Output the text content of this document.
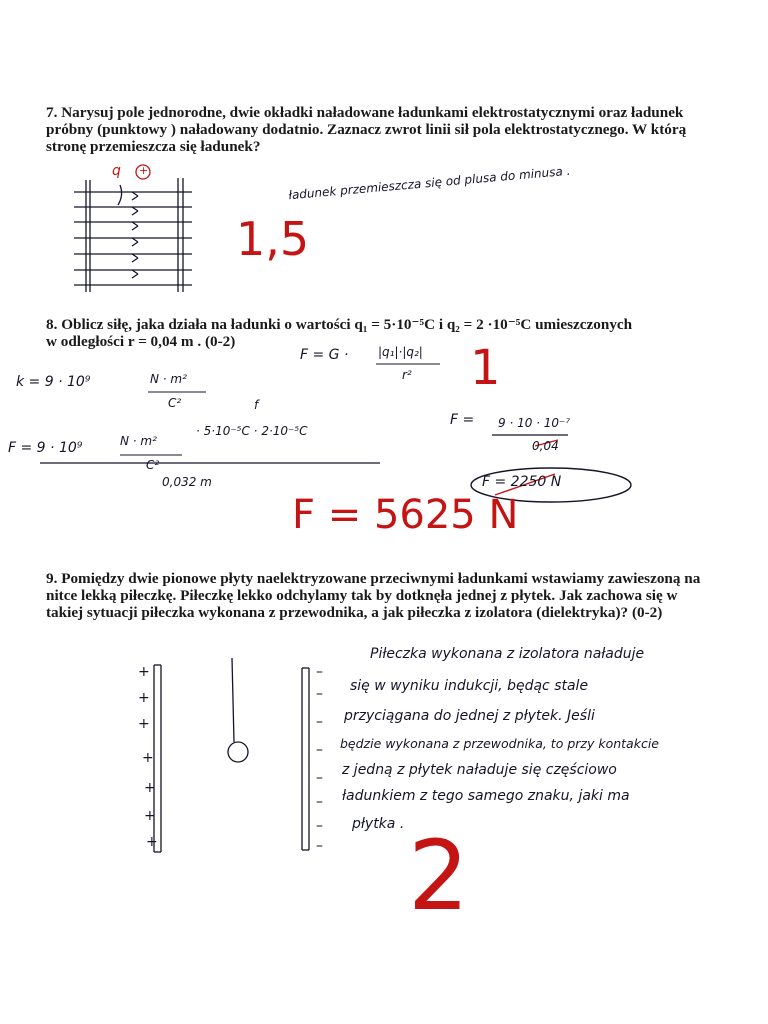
7. Narysuj pole jednorodne, dwie okładki naładowane ładunkami elektrostatycznymi oraz ładunek próbny (punktowy ) naładowany dodatnio. Zaznacz zwrot linii sił pola elektrostatycznego. W którą stronę przemieszcza się ładunek?
q +	ładunek przemieszcza się od plusa do minusa .
1,5
8. Oblicz siłę, jaka działa na ładunki o wartości q₁ = 5·10⁻⁵C i q₂ = 2 ·10⁻⁵C umieszczonych
w odległości r = 0,04 m . (0-2)
F = G · |q₁|·|q₂|
r² 1
k = 9 · 10⁹	N · m²
C²	f
F = 9 · 10⁹	N · m²
C²
· 5·10⁻⁵C · 2·10⁻⁵C
0,032 m
F = 9 · 10 · 10⁻⁷
0,04
F = 2250 N
F = 5625 N
9. Pomiędzy dwie pionowe płyty naelektryzowane przeciwnymi ładunkami wstawiamy zawieszoną na nitce lekką piłeczkę. Piłeczkę lekko odchylamy tak by dotknęła jednej z płytek. Jak zachowa się w takiej sytuacji piłeczka wykonana z przewodnika, a jak piłeczka z izolatora (dielektryka)? (0-2)
+
+
+
+
+
+
+
–
–
–
–
–
–
–
–
Piłeczka wykonana z izolatora naładuje
się w wyniku indukcji, będąc stale
przyciągana do jednej z płytek. Jeśli
będzie wykonana z przewodnika, to przy kontakcie
z jedną z płytek naładuje się częściowo
ładunkiem z tego samego znaku, jaki ma
płytka . 2
